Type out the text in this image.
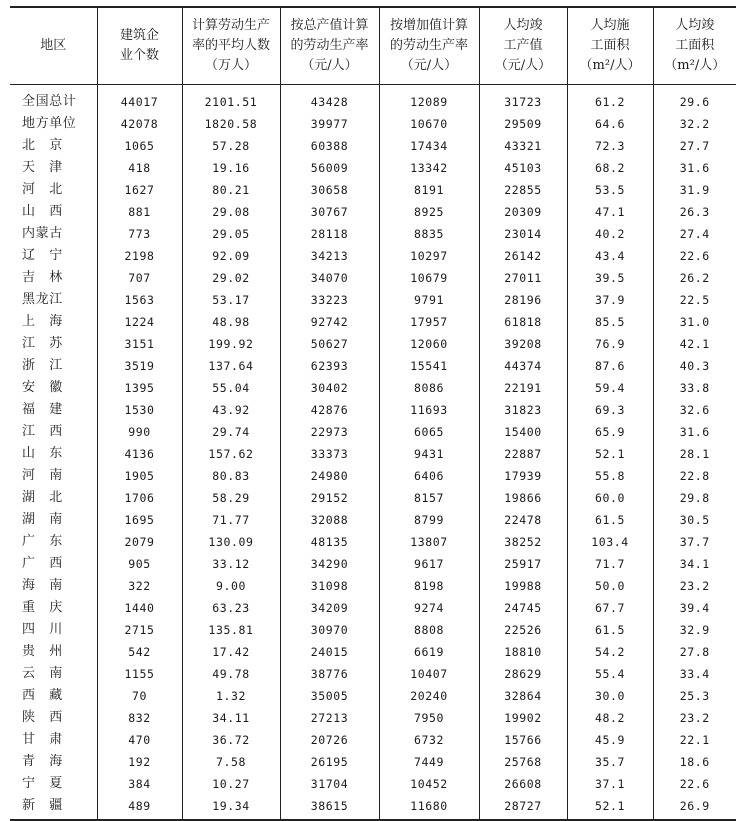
地区	建筑企
业个数	计算劳动生产
率的平均人数
（万人）	按总产值计算
的劳动生产率
（元/人）	按增加值计算
的劳动生产率
（元/人）	人均竣
工产值
（元/人）	人均施
工面积
（m²/人）	人均竣
工面积
（m²/人）
全国总计	44017	2101.51	43428	12089	31723	61.2	29.6
地方单位	42078	1820.58	39977	10670	29509	64.6	32.2
北　京	1065	57.28	60388	17434	43321	72.3	27.7
天　津	418	19.16	56009	13342	45103	68.2	31.6
河　北	1627	80.21	30658	8191	22855	53.5	31.9
山　西	881	29.08	30767	8925	20309	47.1	26.3
内蒙古	773	29.05	28118	8835	23014	40.2	27.4
辽　宁	2198	92.09	34213	10297	26142	43.4	22.6
吉　林	707	29.02	34070	10679	27011	39.5	26.2
黑龙江	1563	53.17	33223	9791	28196	37.9	22.5
上　海	1224	48.98	92742	17957	61818	85.5	31.0
江　苏	3151	199.92	50627	12060	39208	76.9	42.1
浙　江	3519	137.64	62393	15541	44374	87.6	40.3
安　徽	1395	55.04	30402	8086	22191	59.4	33.8
福　建	1530	43.92	42876	11693	31823	69.3	32.6
江　西	990	29.74	22973	6065	15400	65.9	31.6
山　东	4136	157.62	33373	9431	22887	52.1	28.1
河　南	1905	80.83	24980	6406	17939	55.8	22.8
湖　北	1706	58.29	29152	8157	19866	60.0	29.8
湖　南	1695	71.77	32088	8799	22478	61.5	30.5
广　东	2079	130.09	48135	13807	38252	103.4	37.7
广　西	905	33.12	34290	9617	25917	71.7	34.1
海　南	322	9.00	31098	8198	19988	50.0	23.2
重　庆	1440	63.23	34209	9274	24745	67.7	39.4
四　川	2715	135.81	30970	8808	22526	61.5	32.9
贵　州	542	17.42	24015	6619	18810	54.2	27.8
云　南	1155	49.78	38776	10407	28629	55.4	33.4
西　藏	70	1.32	35005	20240	32864	30.0	25.3
陕　西	832	34.11	27213	7950	19902	48.2	23.2
甘　肃	470	36.72	20726	6732	15766	45.9	22.1
青　海	192	7.58	26195	7449	25768	35.7	18.6
宁　夏	384	10.27	31704	10452	26608	37.1	22.6
新　疆	489	19.34	38615	11680	28727	52.1	26.9
